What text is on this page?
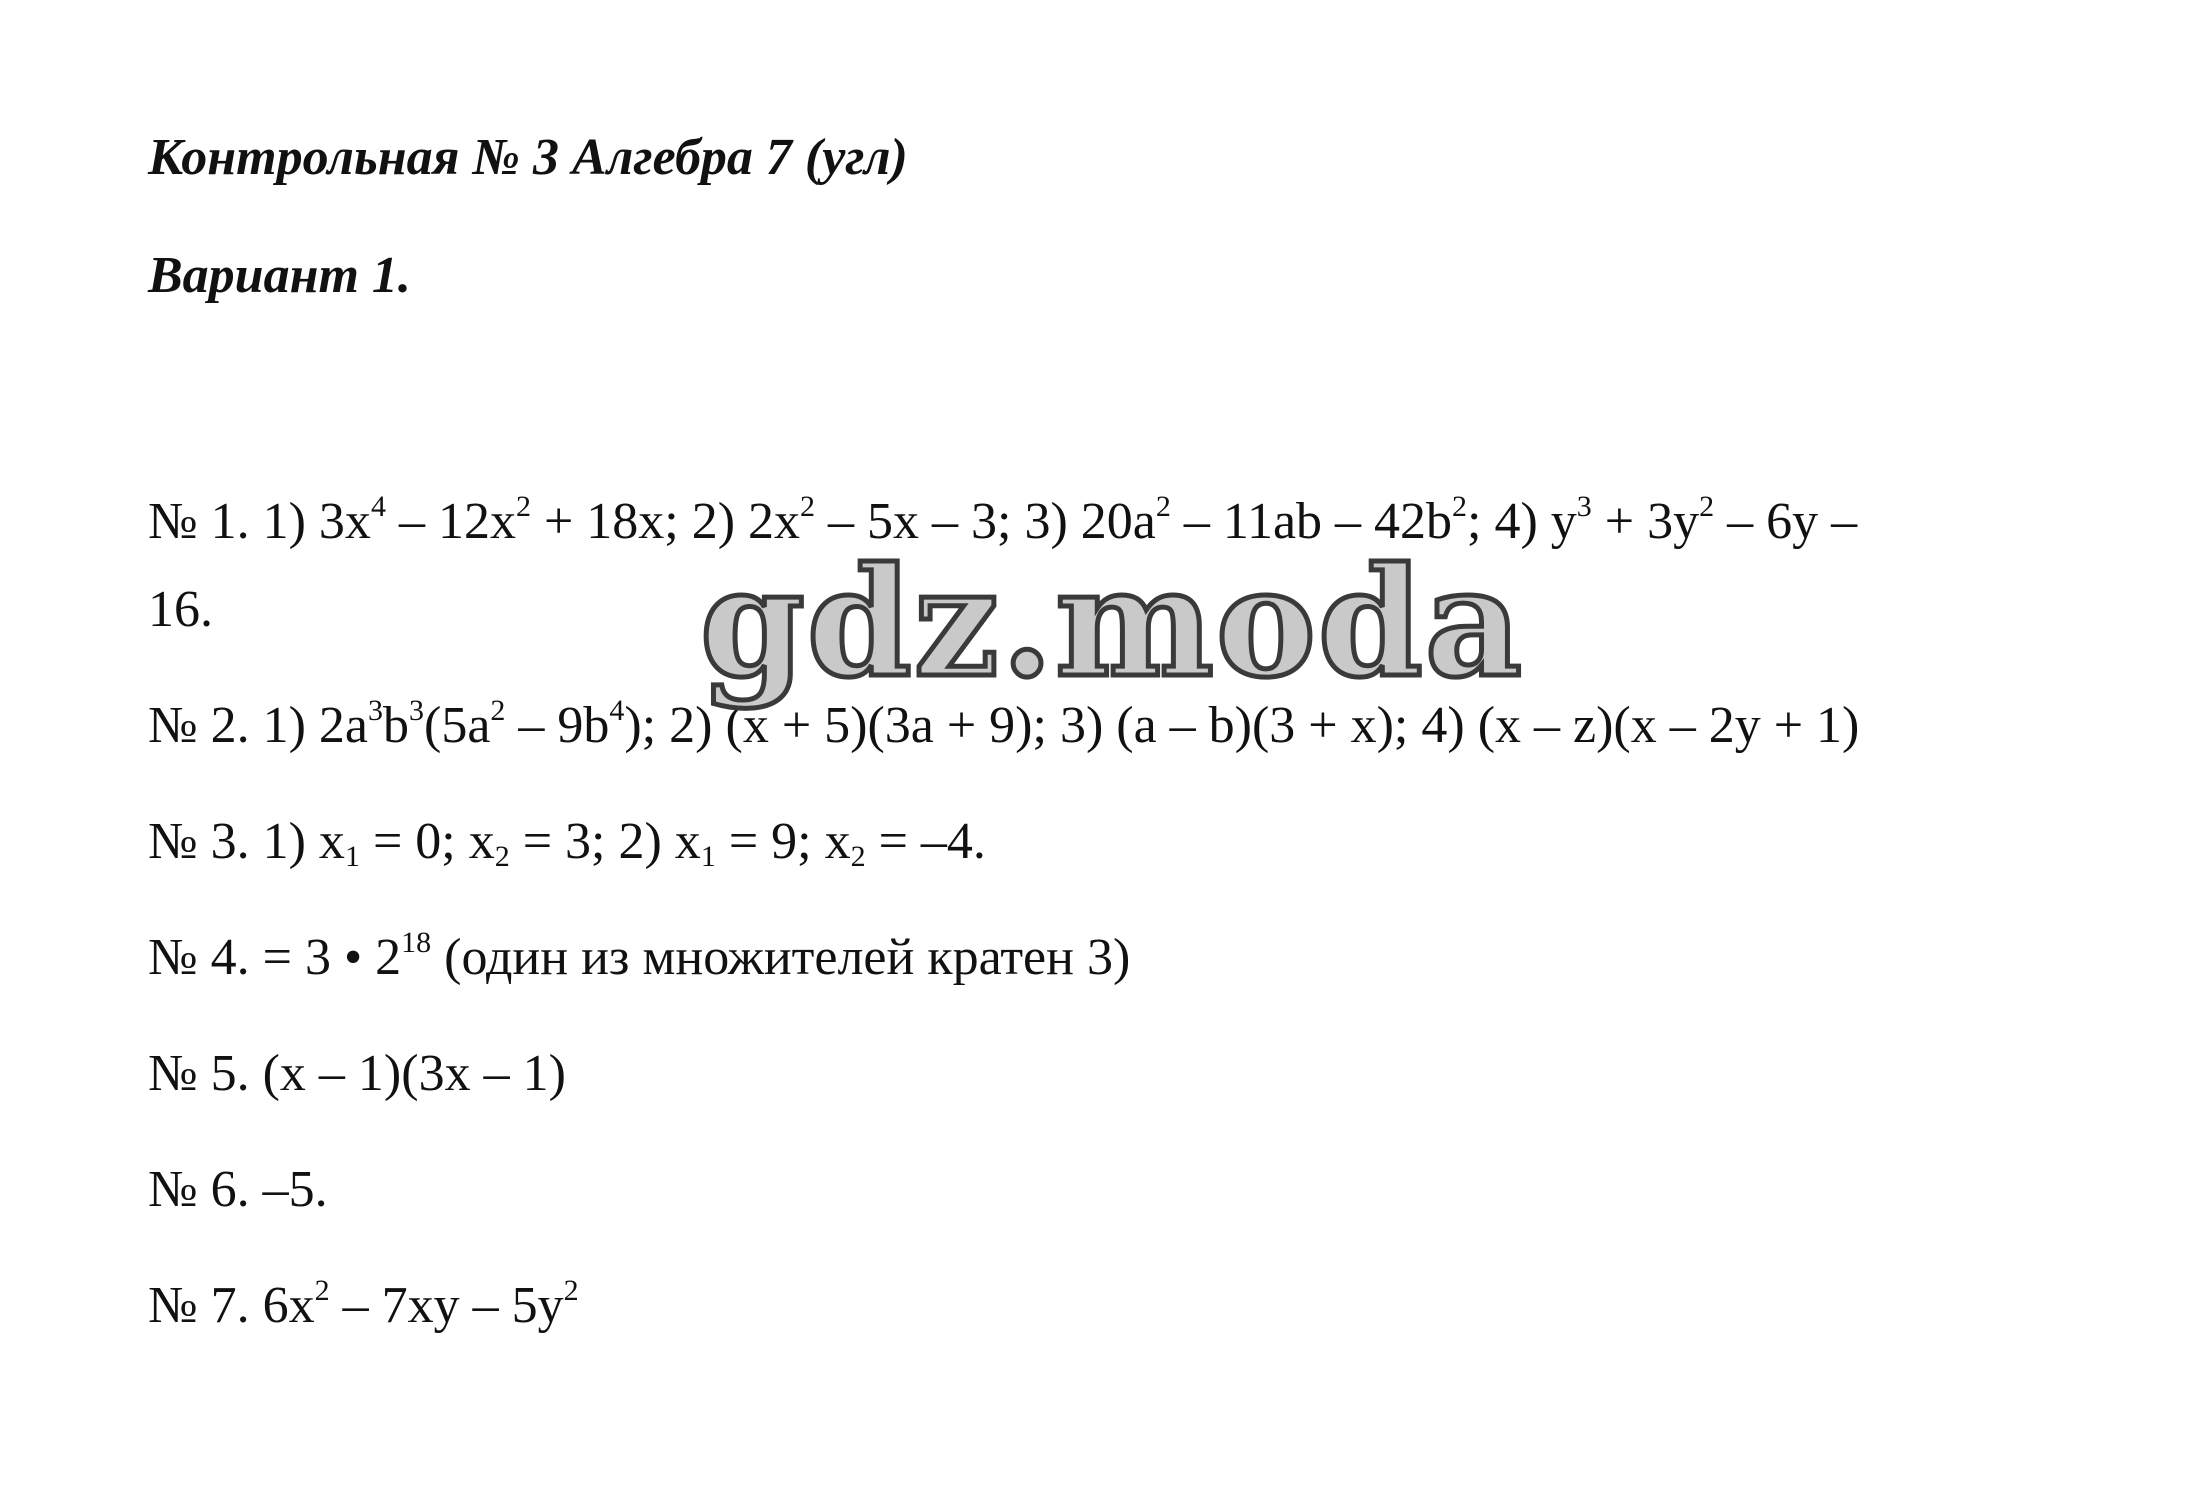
Контрольная № 3 Алгебра 7 (угл)
Вариант 1.
№ 1. 1) $3x^4 - 12x^2 + 18x$; 2) $2x^2 - 5x - 3$; 3) $20a^2 - 11ab - 42b^2$; 4) $y^3 + 3y^2 - 6y$ –
16.
№ 2. 1) $2a^3b^3(5a^2 - 9b^4)$; 2) (x + 5)(3a + 9); 3) (a – b)(3 + x); 4) (x – z)(x – 2y + 1)
№ 3. 1) $x_1 = 0$; $x_2 = 3$; 2) $x_1 = 9$; $x_2 = -4$.
№ 4. = 3 • $2^{18}$ (один из множителей кратен 3)
№ 5. (x – 1)(3x – 1)
№ 6. –5.
№ 7. $6x^2 - 7xy - 5y^2$
gdz.moda
